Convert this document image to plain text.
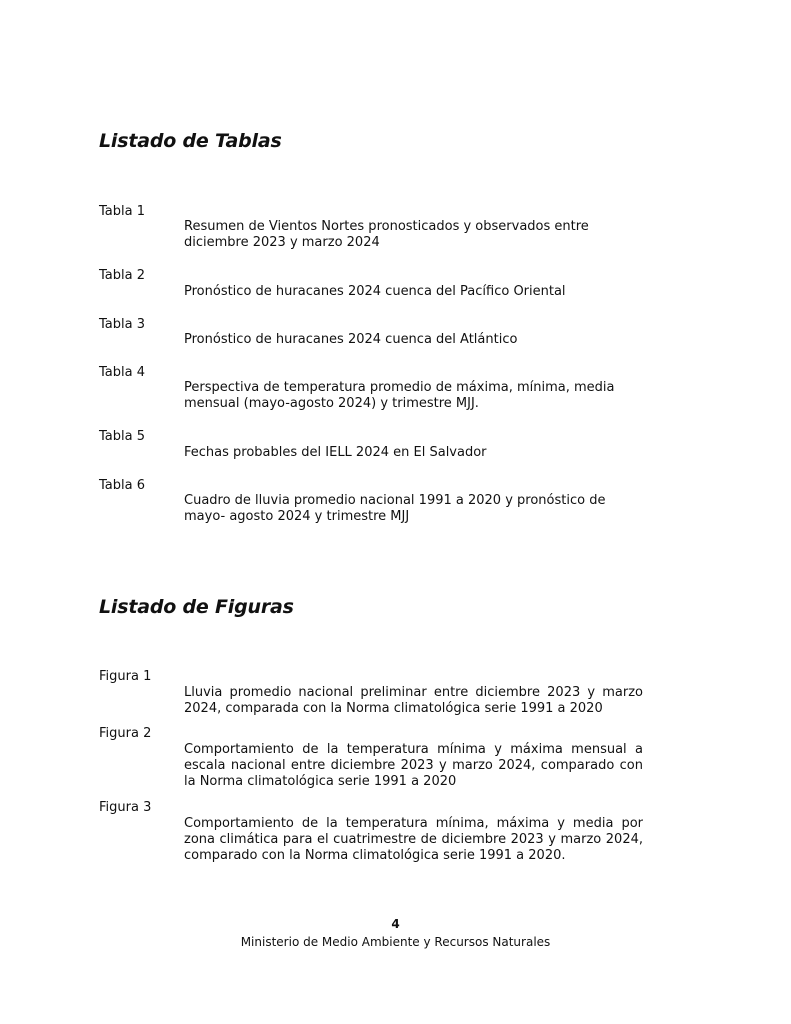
Listado de Tablas
Tabla 1
Resumen de Vientos Nortes pronosticados y observados entre diciembre 2023 y marzo 2024
Tabla 2
Pronóstico de huracanes 2024 cuenca del Pacífico Oriental
Tabla 3
Pronóstico de huracanes 2024 cuenca del Atlántico
Tabla 4
Perspectiva de temperatura promedio de máxima, mínima, media mensual (mayo-agosto 2024) y trimestre MJJ.
Tabla 5
Fechas probables del IELL 2024 en El Salvador
Tabla 6
Cuadro de lluvia promedio nacional 1991 a 2020 y pronóstico de mayo- agosto 2024 y trimestre MJJ
Listado de Figuras
Figura 1
Lluvia promedio nacional preliminar entre diciembre 2023 y marzo 2024, comparada con la Norma climatológica serie 1991 a 2020
Figura 2
Comportamiento de la temperatura mínima y máxima mensual a escala nacional entre diciembre 2023 y marzo 2024, comparado con la Norma climatológica serie 1991 a 2020
Figura 3
Comportamiento de la temperatura mínima, máxima y media por zona climática para el cuatrimestre de diciembre 2023 y marzo 2024, comparado con la Norma climatológica serie 1991 a 2020.
4
Ministerio de Medio Ambiente y Recursos Naturales
